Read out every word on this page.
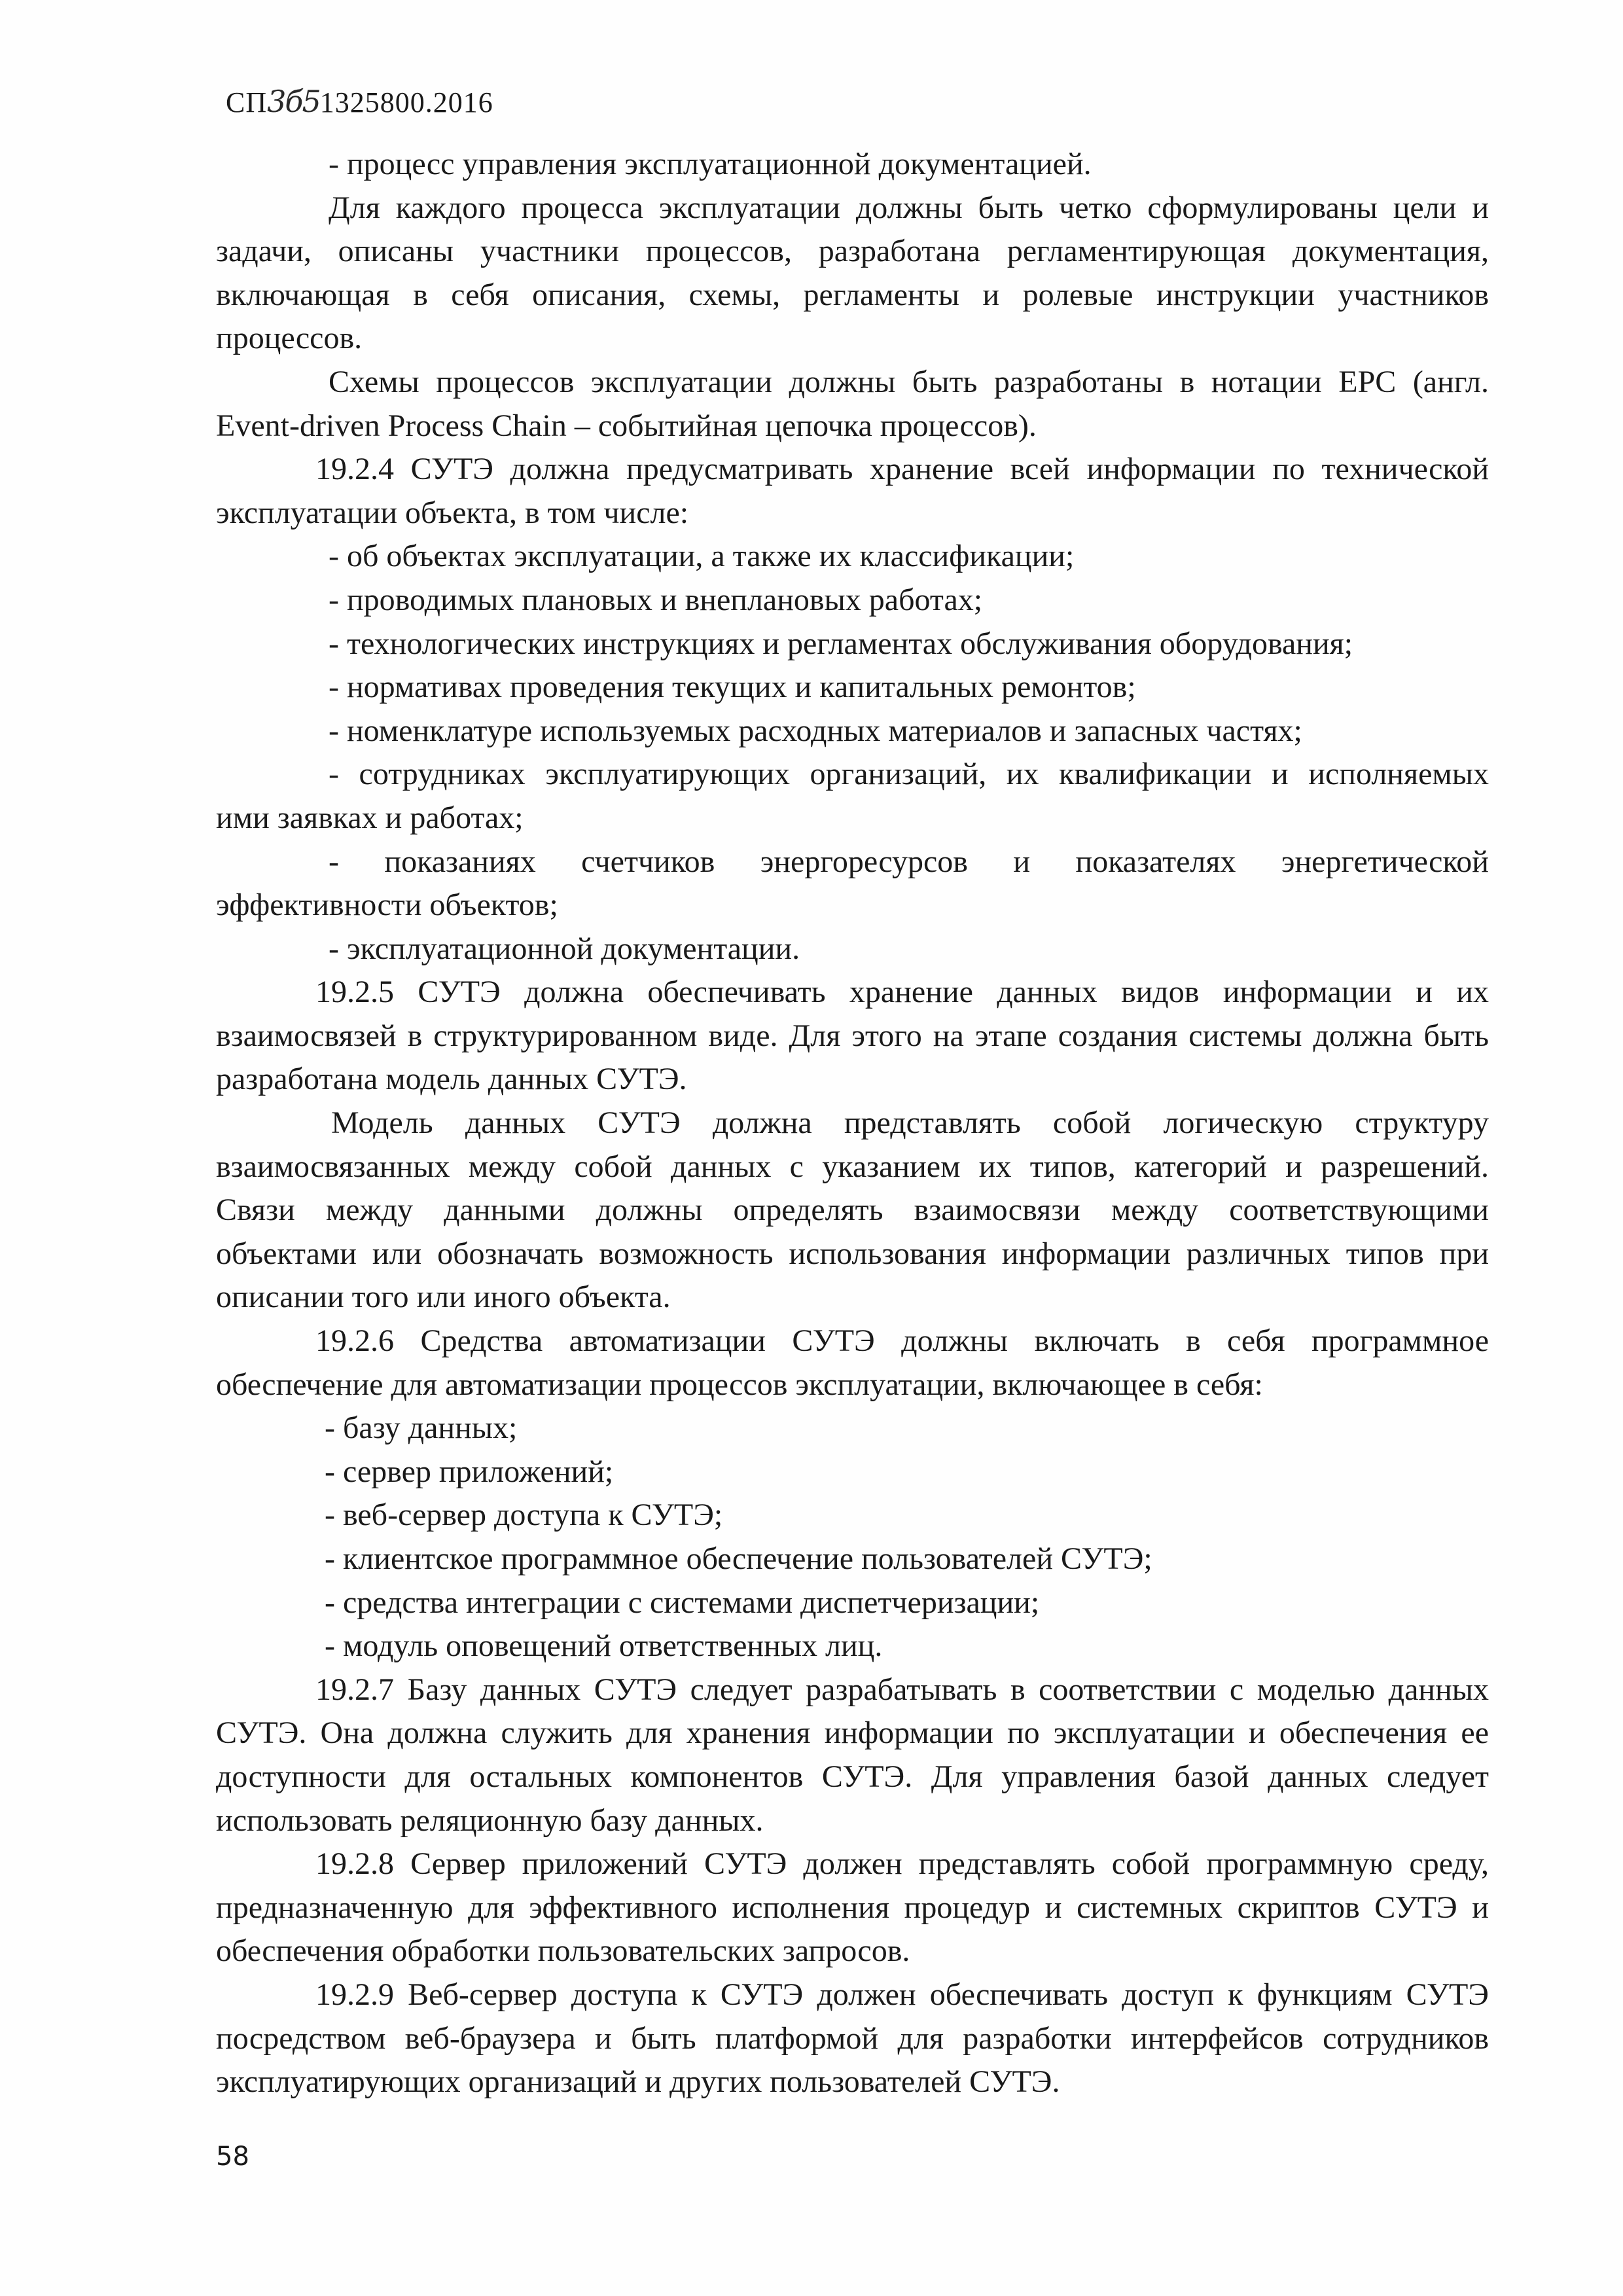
СП3б51325800.2016
- процесс управления эксплуатационной документацией.
Для каждого процесса эксплуатации должны быть четко сформулированы цели и
задачи, описаны участники процессов, разработана регламентирующая документация,
включающая в себя описания, схемы, регламенты и ролевые инструкции участников
процессов.
Схемы процессов эксплуатации должны быть разработаны в нотации EPC (англ.
Event-driven Process Chain – событийная цепочка процессов).
19.2.4 СУТЭ должна предусматривать хранение всей информации по технической
эксплуатации объекта, в том числе:
- об объектах эксплуатации, а также их классификации;
- проводимых плановых и внеплановых работах;
- технологических инструкциях и регламентах обслуживания оборудования;
- нормативах проведения текущих и капитальных ремонтов;
- номенклатуре используемых расходных материалов и запасных частях;
- сотрудниках эксплуатирующих организаций, их квалификации и исполняемых
ими заявках и работах;
- показаниях счетчиков энергоресурсов и показателях энергетической
эффективности объектов;
- эксплуатационной документации.
19.2.5 СУТЭ должна обеспечивать хранение данных видов информации и их
взаимосвязей в структурированном виде. Для этого на этапе создания системы должна быть
разработана модель данных СУТЭ.
Модель данных СУТЭ должна представлять собой логическую структуру
взаимосвязанных между собой данных с указанием их типов, категорий и разрешений.
Связи между данными должны определять взаимосвязи между соответствующими
объектами или обозначать возможность использования информации различных типов при
описании того или иного объекта.
19.2.6 Средства автоматизации СУТЭ должны включать в себя программное
обеспечение для автоматизации процессов эксплуатации, включающее в себя:
- базу данных;
- сервер приложений;
- веб-сервер доступа к СУТЭ;
- клиентское программное обеспечение пользователей СУТЭ;
- средства интеграции с системами диспетчеризации;
- модуль оповещений ответственных лиц.
19.2.7 Базу данных СУТЭ следует разрабатывать в соответствии с моделью данных
СУТЭ. Она должна служить для хранения информации по эксплуатации и обеспечения ее
доступности для остальных компонентов СУТЭ. Для управления базой данных следует
использовать реляционную базу данных.
19.2.8 Сервер приложений СУТЭ должен представлять собой программную среду,
предназначенную для эффективного исполнения процедур и системных скриптов СУТЭ и
обеспечения обработки пользовательских запросов.
19.2.9 Веб-сервер доступа к СУТЭ должен обеспечивать доступ к функциям СУТЭ
посредством веб-браузера и быть платформой для разработки интерфейсов сотрудников
эксплуатирующих организаций и других пользователей СУТЭ.
58
